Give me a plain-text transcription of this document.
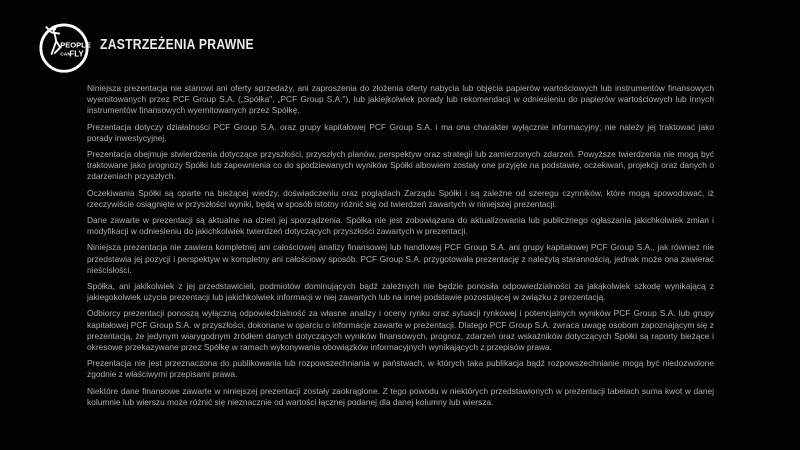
PEOPLE
CAN
FLY
ZASTRZEŻENIA PRAWNE

Niniejsza prezentacja nie stanowi ani oferty sprzedaży, ani zaproszenia do złożenia oferty nabycia lub objęcia papierów wartościowych lub instrumentów finansowych wyemitowanych przez PCF Group S.A. („Spółka", „PCF Group S.A."), lub jakiejkolwiek porady lub rekomendacji w odniesieniu do papierów wartościowych lub innych instrumentów finansowych wyemitowanych przez Spółkę.

Prezentacja dotyczy działalności PCF Group S.A. oraz grupy kapitałowej PCF Group S.A. i ma ona charakter wyłącznie informacyjny; nie należy jej traktować jako porady inwestycyjnej.

Prezentacja obejmuje stwierdzenia dotyczące przyszłości, przyszłych planów, perspektyw oraz strategii lub zamierzonych zdarzeń. Powyższe twierdzenia nie mogą być traktowane jako prognozy Spółki lub zapewnienia co do spodziewanych wyników Spółki albowiem zostały one przyjęte na podstawie, oczekiwań, projekcji oraz danych o zdarzeniach przyszłych.

Oczekiwania Spółki są oparte na bieżącej wiedzy, doświadczeniu oraz poglądach Zarządu Spółki i są zależne od szeregu czynników, które mogą spowodować, iż rzeczywiście osiągnięte w przyszłości wyniki, będą w sposób istotny różnić się od twierdzeń zawartych w niniejszej prezentacji.

Dane zawarte w prezentacji są aktualne na dzień jej sporządzenia. Spółka nie jest zobowiązana do aktualizowania lub publicznego ogłaszania jakichkolwiek zmian i modyfikacji w odniesieniu do jakichkolwiek twierdzeń dotyczących przyszłości zawartych w prezentacji.

Niniejsza prezentacja nie zawiera kompletnej ani całościowej analizy finansowej lub handlowej PCF Group S.A. ani grupy kapitałowej PCF Group S.A., jak również nie przedstawia jej pozycji i perspektyw w kompletny ani całościowy sposób. PCF Group S.A. przygotowała prezentację z należytą starannością, jednak może ona zawierać nieścisłości.

Spółka, ani jakikolwiek z jej przedstawicieli, podmiotów dominujących bądź zależnych nie będzie ponosiła odpowiedzialności za jakąkolwiek szkodę wynikającą z jakiegokolwiek użycia prezentacji lub jakichkolwiek informacji w niej zawartych lub na innej podstawie pozostającej w związku z prezentacją.

Odbiorcy prezentacji ponoszą wyłączną odpowiedzialność za własne analizy i oceny rynku oraz sytuacji rynkowej i potencjalnych wyników PCF Group S.A. lub grupy kapitałowej PCF Group S.A. w przyszłości, dokonane w oparciu o informacje zawarte w prezentacji. Dlatego PCF Group S.A. zwraca uwagę osobom zapoznającym się z prezentacją, że jedynym wiarygodnym źródłem danych dotyczących wyników finansowych, prognoz, zdarzeń oraz wskaźników dotyczących Spółki są raporty bieżące i okresowe przekazywane przez Spółkę w ramach wykonywania obowiązków informacyjnych wynikających z przepisów prawa.

Prezentacja nie jest przeznaczona do publikowania lub rozpowszechniania w państwach, w których taka publikacja bądź rozpowszechnianie mogą być niedozwolone zgodnie z właściwymi przepisami prawa.

Niektóre dane finansowe zawarte w niniejszej prezentacji zostały zaokrąglone. Z tego powodu w niektórych przedstawionych w prezentacji tabelach suma kwot w danej kolumnie lub wierszu może różnić się nieznacznie od wartości łącznej podanej dla danej kolumny lub wiersza.
